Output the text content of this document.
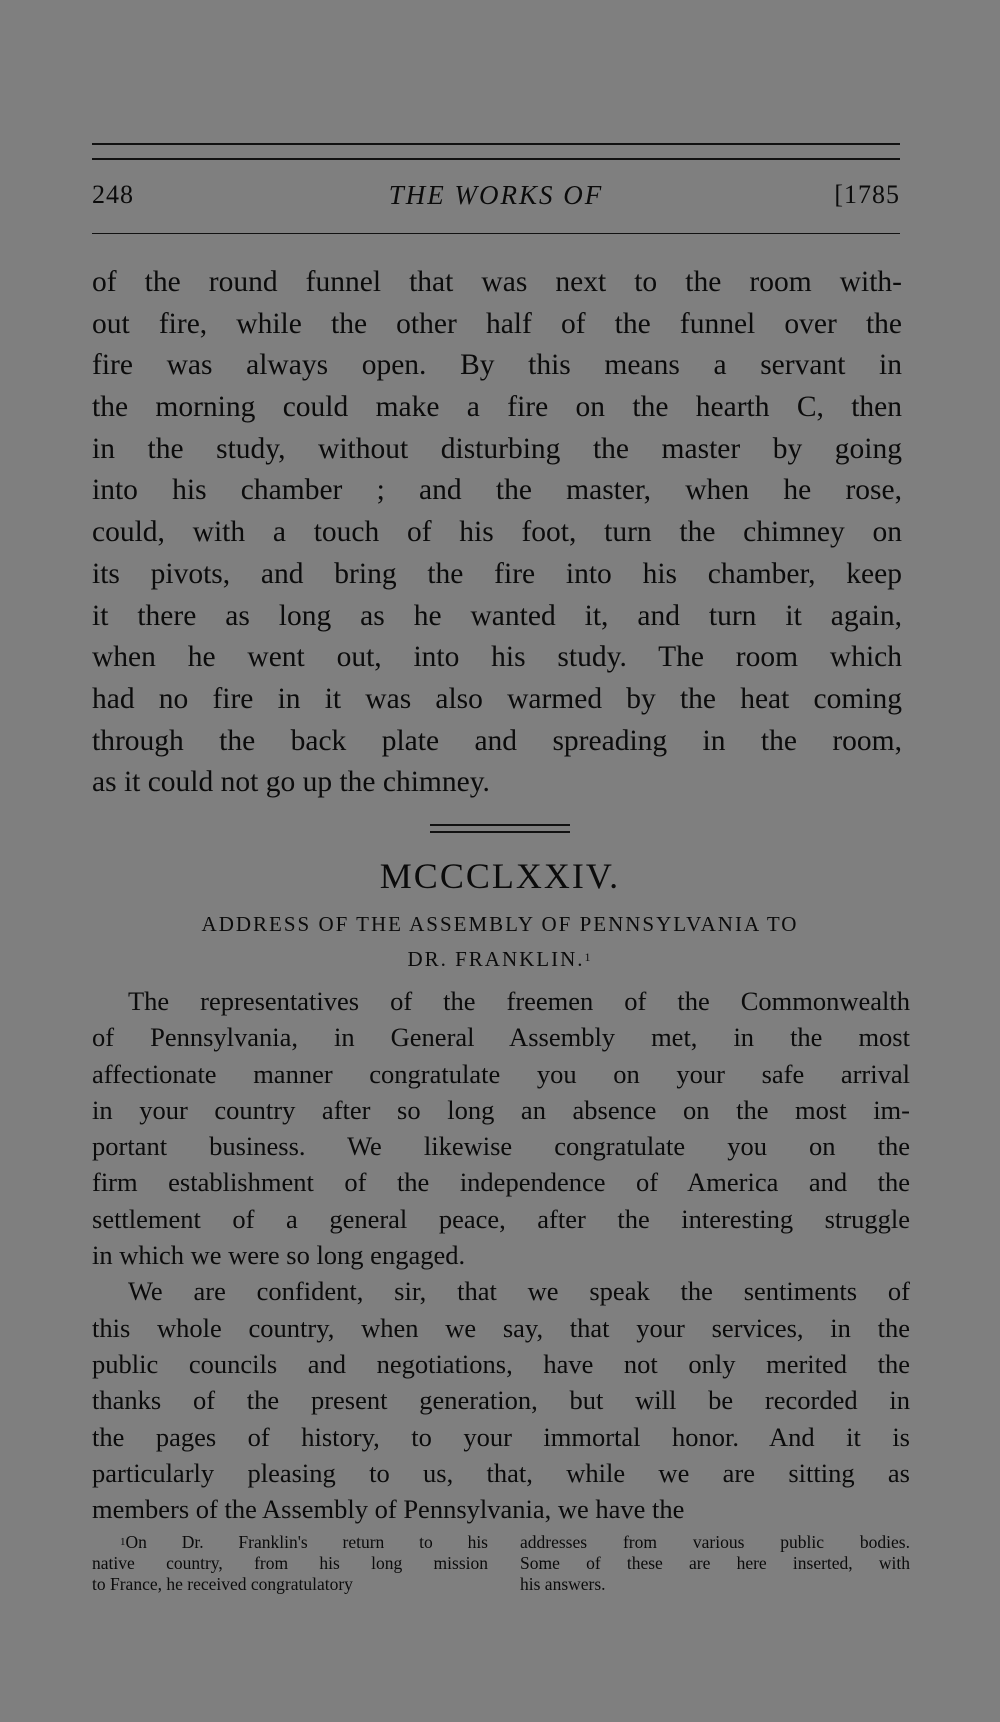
248	THE WORKS OF	[1785
of the round funnel that was next to the room with-
out fire, while the other half of the funnel over the
fire was always open. By this means a servant in
the morning could make a fire on the hearth C, then
in the study, without disturbing the master by going
into his chamber ; and the master, when he rose,
could, with a touch of his foot, turn the chimney on
its pivots, and bring the fire into his chamber, keep
it there as long as he wanted it, and turn it again,
when he went out, into his study. The room which
had no fire in it was also warmed by the heat coming
through the back plate and spreading in the room,
as it could not go up the chimney.
MCCCLXXIV.
ADDRESS OF THE ASSEMBLY OF PENNSYLVANIA TO
DR. FRANKLIN.$^1$
The representatives of the freemen of the Commonwealth
of Pennsylvania, in General Assembly met, in the most
affectionate manner congratulate you on your safe arrival
in your country after so long an absence on the most im-
portant business. We likewise congratulate you on the
firm establishment of the independence of America and the
settlement of a general peace, after the interesting struggle
in which we were so long engaged.
We are confident, sir, that we speak the sentiments of
this whole country, when we say, that your services, in the
public councils and negotiations, have not only merited the
thanks of the present generation, but will be recorded in
the pages of history, to your immortal honor. And it is
particularly pleasing to us, that, while we are sitting as
members of the Assembly of Pennsylvania, we have the
$^1$On Dr. Franklin's return to his
native country, from his long mission
to France, he received congratulatory
addresses from various public bodies.
Some of these are here inserted, with
his answers.
